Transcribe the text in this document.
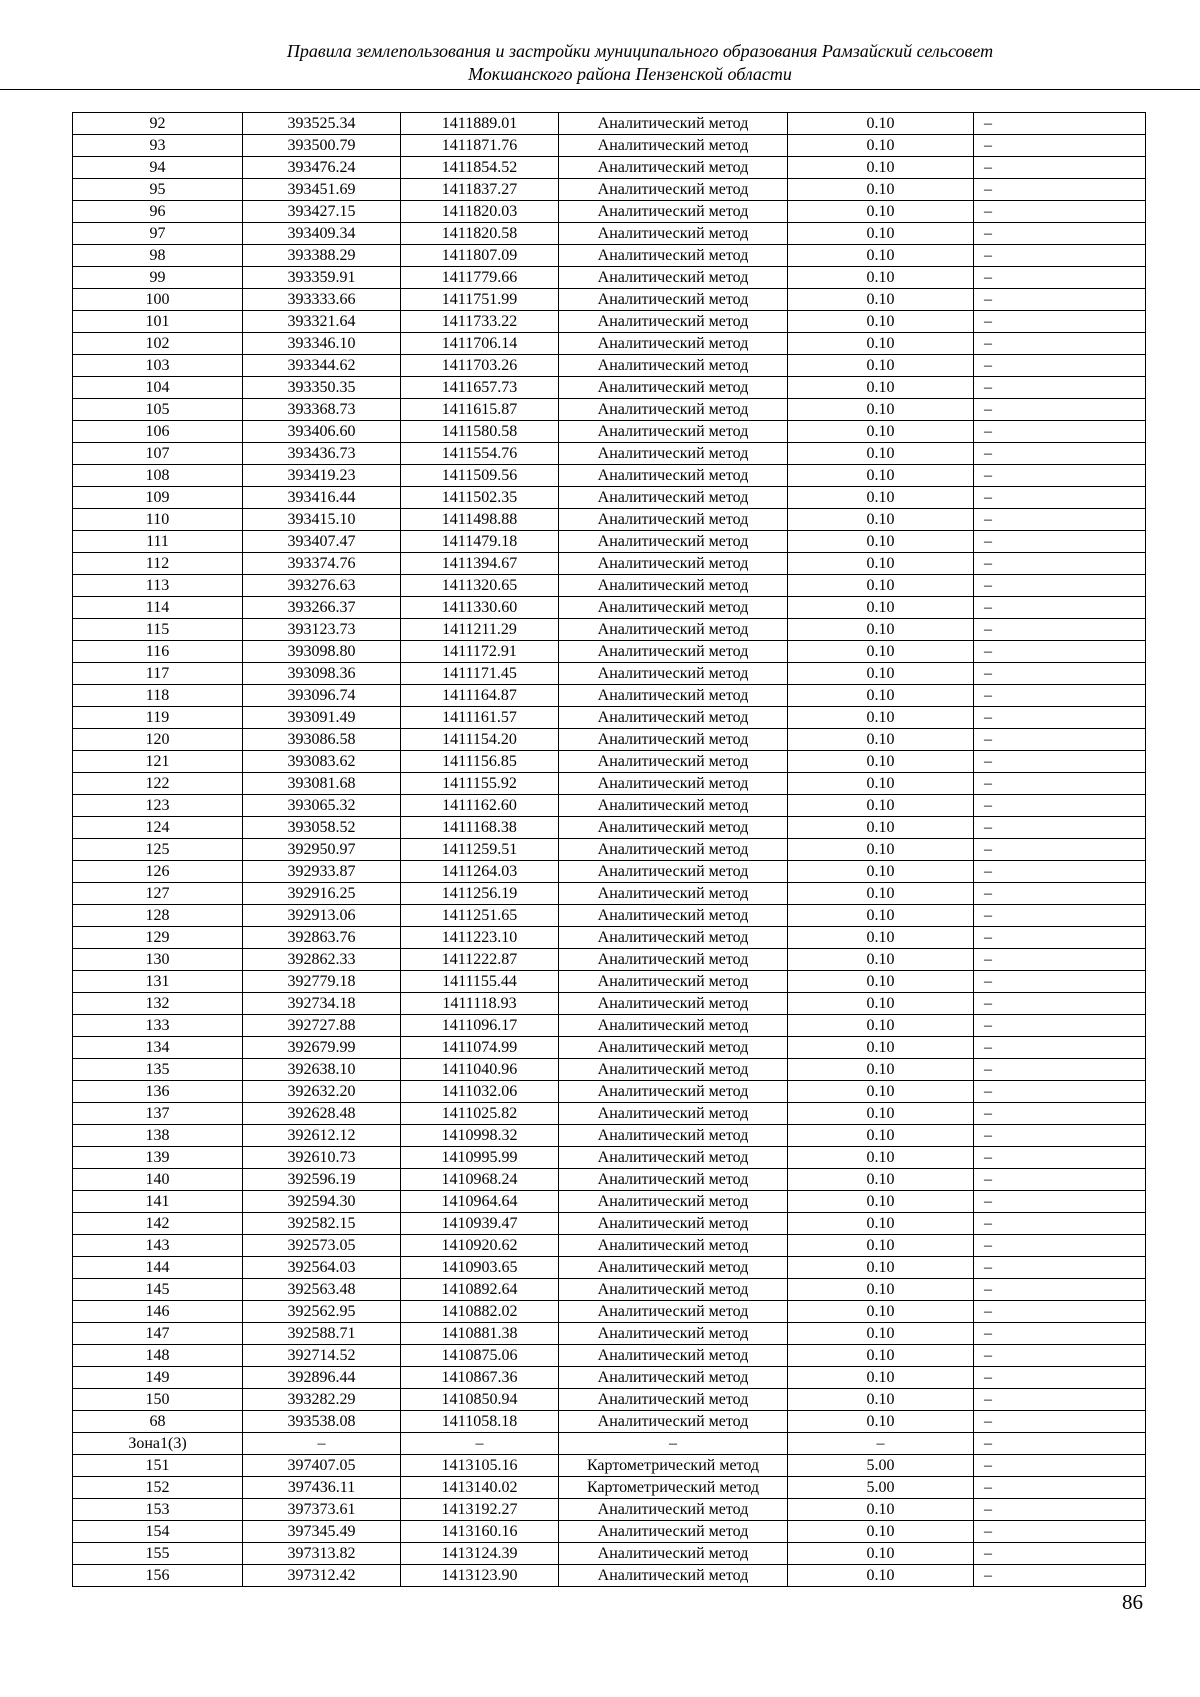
Правила землепользования и застройки муниципального образования Рамзайский сельсовет
Мокшанского района Пензенской области
92	393525.34	1411889.01	Аналитический метод	0.10	–
93	393500.79	1411871.76	Аналитический метод	0.10	–
94	393476.24	1411854.52	Аналитический метод	0.10	–
95	393451.69	1411837.27	Аналитический метод	0.10	–
96	393427.15	1411820.03	Аналитический метод	0.10	–
97	393409.34	1411820.58	Аналитический метод	0.10	–
98	393388.29	1411807.09	Аналитический метод	0.10	–
99	393359.91	1411779.66	Аналитический метод	0.10	–
100	393333.66	1411751.99	Аналитический метод	0.10	–
101	393321.64	1411733.22	Аналитический метод	0.10	–
102	393346.10	1411706.14	Аналитический метод	0.10	–
103	393344.62	1411703.26	Аналитический метод	0.10	–
104	393350.35	1411657.73	Аналитический метод	0.10	–
105	393368.73	1411615.87	Аналитический метод	0.10	–
106	393406.60	1411580.58	Аналитический метод	0.10	–
107	393436.73	1411554.76	Аналитический метод	0.10	–
108	393419.23	1411509.56	Аналитический метод	0.10	–
109	393416.44	1411502.35	Аналитический метод	0.10	–
110	393415.10	1411498.88	Аналитический метод	0.10	–
111	393407.47	1411479.18	Аналитический метод	0.10	–
112	393374.76	1411394.67	Аналитический метод	0.10	–
113	393276.63	1411320.65	Аналитический метод	0.10	–
114	393266.37	1411330.60	Аналитический метод	0.10	–
115	393123.73	1411211.29	Аналитический метод	0.10	–
116	393098.80	1411172.91	Аналитический метод	0.10	–
117	393098.36	1411171.45	Аналитический метод	0.10	–
118	393096.74	1411164.87	Аналитический метод	0.10	–
119	393091.49	1411161.57	Аналитический метод	0.10	–
120	393086.58	1411154.20	Аналитический метод	0.10	–
121	393083.62	1411156.85	Аналитический метод	0.10	–
122	393081.68	1411155.92	Аналитический метод	0.10	–
123	393065.32	1411162.60	Аналитический метод	0.10	–
124	393058.52	1411168.38	Аналитический метод	0.10	–
125	392950.97	1411259.51	Аналитический метод	0.10	–
126	392933.87	1411264.03	Аналитический метод	0.10	–
127	392916.25	1411256.19	Аналитический метод	0.10	–
128	392913.06	1411251.65	Аналитический метод	0.10	–
129	392863.76	1411223.10	Аналитический метод	0.10	–
130	392862.33	1411222.87	Аналитический метод	0.10	–
131	392779.18	1411155.44	Аналитический метод	0.10	–
132	392734.18	1411118.93	Аналитический метод	0.10	–
133	392727.88	1411096.17	Аналитический метод	0.10	–
134	392679.99	1411074.99	Аналитический метод	0.10	–
135	392638.10	1411040.96	Аналитический метод	0.10	–
136	392632.20	1411032.06	Аналитический метод	0.10	–
137	392628.48	1411025.82	Аналитический метод	0.10	–
138	392612.12	1410998.32	Аналитический метод	0.10	–
139	392610.73	1410995.99	Аналитический метод	0.10	–
140	392596.19	1410968.24	Аналитический метод	0.10	–
141	392594.30	1410964.64	Аналитический метод	0.10	–
142	392582.15	1410939.47	Аналитический метод	0.10	–
143	392573.05	1410920.62	Аналитический метод	0.10	–
144	392564.03	1410903.65	Аналитический метод	0.10	–
145	392563.48	1410892.64	Аналитический метод	0.10	–
146	392562.95	1410882.02	Аналитический метод	0.10	–
147	392588.71	1410881.38	Аналитический метод	0.10	–
148	392714.52	1410875.06	Аналитический метод	0.10	–
149	392896.44	1410867.36	Аналитический метод	0.10	–
150	393282.29	1410850.94	Аналитический метод	0.10	–
68	393538.08	1411058.18	Аналитический метод	0.10	–
Зона1(3)	–	–	–	–	–
151	397407.05	1413105.16	Картометрический метод	5.00	–
152	397436.11	1413140.02	Картометрический метод	5.00	–
153	397373.61	1413192.27	Аналитический метод	0.10	–
154	397345.49	1413160.16	Аналитический метод	0.10	–
155	397313.82	1413124.39	Аналитический метод	0.10	–
156	397312.42	1413123.90	Аналитический метод	0.10	–
86
